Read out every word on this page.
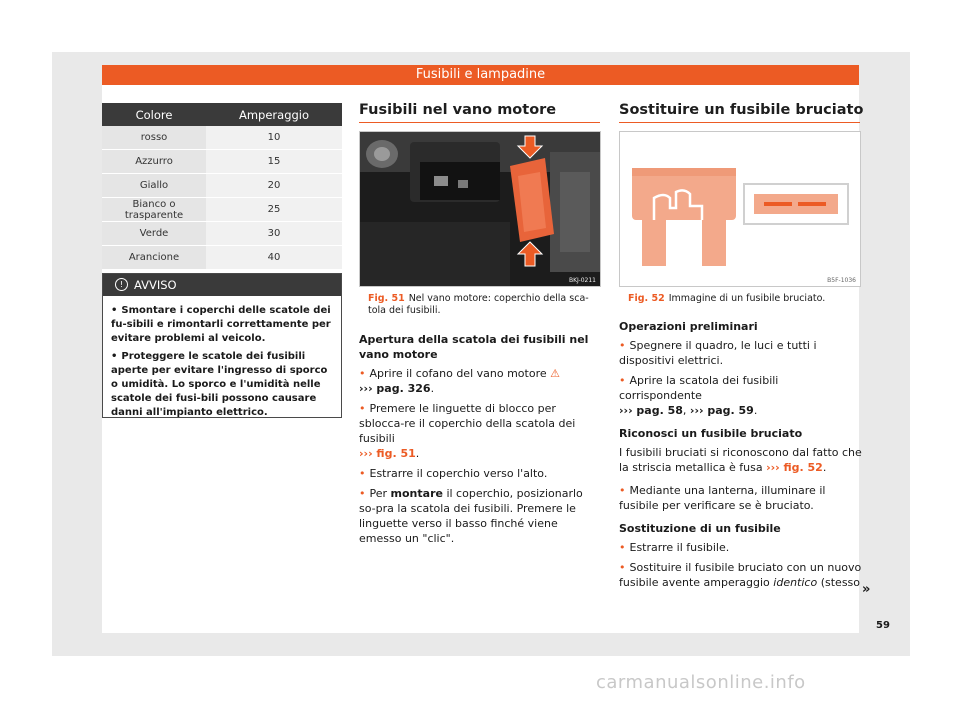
Fusibili e lampadine
Colore	Amperaggio
rosso	10
Azzurro	15
Giallo	20
Bianco o trasparente	25
Verde	30
Arancione	40
! AVVISO

• Smontare i coperchi delle scatole dei fu-sibili e rimontarli correttamente per evitare problemi al veicolo.

• Proteggere le scatole dei fusibili aperte per evitare l'ingresso di sporco o umidità. Lo sporco e l'umidità nelle scatole dei fusi-bili possono causare danni all'impianto elettrico.

Fusibili nel vano motore
BKJ-0211
Fig. 51 Nel vano motore: coperchio della sca-tola dei fusibili.

Apertura della scatola dei fusibili nel vano motore

• Aprire il cofano del vano motore ⚠
››› pag. 326.

• Premere le linguette di blocco per sblocca-re il coperchio della scatola dei fusibili
››› fig. 51.

• Estrarre il coperchio verso l'alto.

• Per montare il coperchio, posizionarlo so-pra la scatola dei fusibili. Premere le linguette verso il basso finché viene emesso un "clic".

Sostituire un fusibile bruciato
B5F-1036
Fig. 52 Immagine di un fusibile bruciato.

Operazioni preliminari

• Spegnere il quadro, le luci e tutti i dispositivi elettrici.

• Aprire la scatola dei fusibili corrispondente
››› pag. 58, ››› pag. 59.

Riconosci un fusibile bruciato

I fusibili bruciati si riconoscono dal fatto che la striscia metallica è fusa ››› fig. 52.

• Mediante una lanterna, illuminare il fusibile per verificare se è bruciato.

Sostituzione di un fusibile

• Estrarre il fusibile.

• Sostituire il fusibile bruciato con un nuovo fusibile avente amperaggio identico (stesso »
59
carmanualsonline.info
